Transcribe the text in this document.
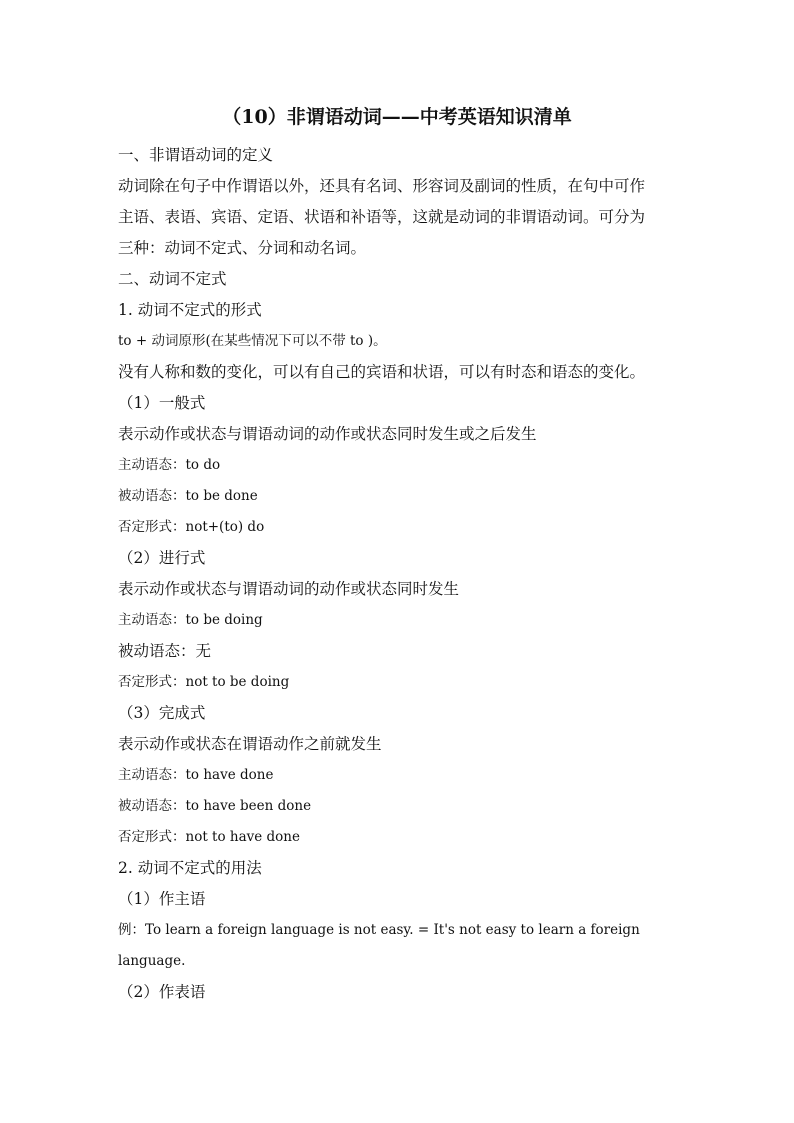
（10）非谓语动词——中考英语知识清单
一、非谓语动词的定义
动词除在句子中作谓语以外，还具有名词、形容词及副词的性质，在句中可作
主语、表语、宾语、定语、状语和补语等，这就是动词的非谓语动词。可分为
三种：动词不定式、分词和动名词。
二、动词不定式
1. 动词不定式的形式
to + 动词原形(在某些情况下可以不带 to )。
没有人称和数的变化，可以有自己的宾语和状语，可以有时态和语态的变化。
（1）一般式
表示动作或状态与谓语动词的动作或状态同时发生或之后发生
主动语态：to do
被动语态：to be done
否定形式：not+(to) do
（2）进行式
表示动作或状态与谓语动词的动作或状态同时发生
主动语态：to be doing
被动语态：无
否定形式：not to be doing
（3）完成式
表示动作或状态在谓语动作之前就发生
主动语态：to have done
被动语态：to have been done
否定形式：not to have done
2. 动词不定式的用法
（1）作主语
例：To learn a foreign language is not easy. = It's not easy to learn a foreign
language.
（2）作表语
